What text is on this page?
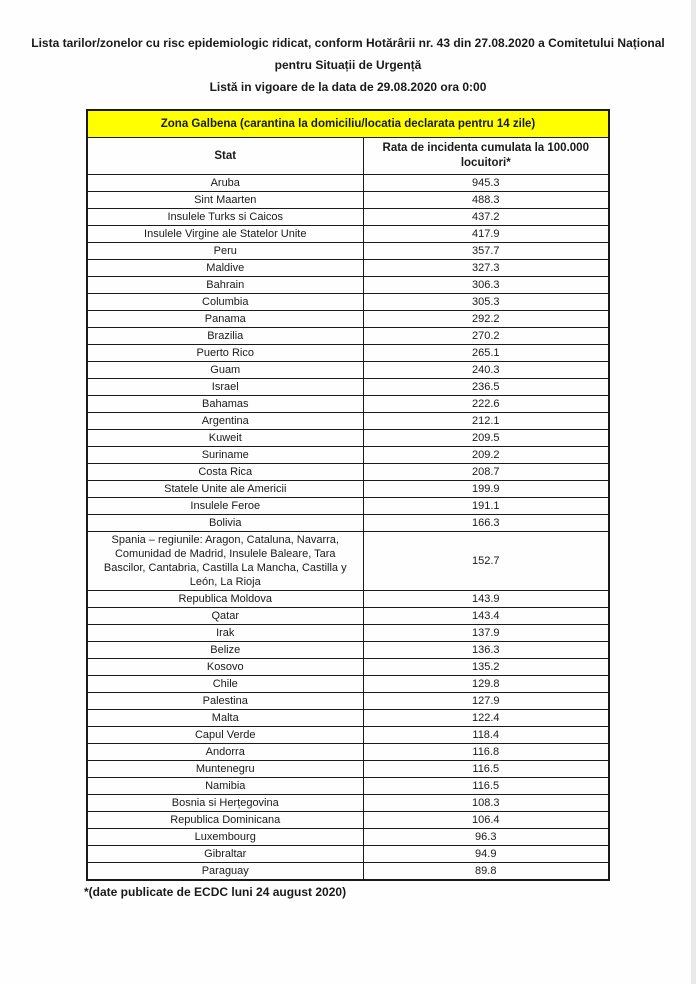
Lista tarilor/zonelor cu risc epidemiologic ridicat, conform Hotărârii nr. 43 din 27.08.2020 a Comitetului Național
pentru Situații de Urgență
Listă in vigoare de la data de 29.08.2020 ora 0:00
Zona Galbena (carantina la domiciliu/locatia declarata pentru 14 zile)	
Stat	Rata de incidenta cumulata la 100.000 locuitori*
Aruba	945.3
Sint Maarten	488.3
Insulele Turks si Caicos	437.2
Insulele Virgine ale Statelor Unite	417.9
Peru	357.7
Maldive	327.3
Bahrain	306.3
Columbia	305.3
Panama	292.2
Brazilia	270.2
Puerto Rico	265.1
Guam	240.3
Israel	236.5
Bahamas	222.6
Argentina	212.1
Kuweit	209.5
Suriname	209.2
Costa Rica	208.7
Statele Unite ale Americii	199.9
Insulele Feroe	191.1
Bolivia	166.3
Spania – regiunile: Aragon, Cataluna, Navarra, Comunidad de Madrid, Insulele Baleare, Tara Bascilor, Cantabria, Castilla La Mancha, Castilla y León, La Rioja	152.7
Republica Moldova	143.9
Qatar	143.4
Irak	137.9
Belize	136.3
Kosovo	135.2
Chile	129.8
Palestina	127.9
Malta	122.4
Capul Verde	118.4
Andorra	116.8
Muntenegru	116.5
Namibia	116.5
Bosnia si Herțegovina	108.3
Republica Dominicana	106.4
Luxembourg	96.3
Gibraltar	94.9
Paraguay	89.8
*(date publicate de ECDC luni 24 august 2020)
